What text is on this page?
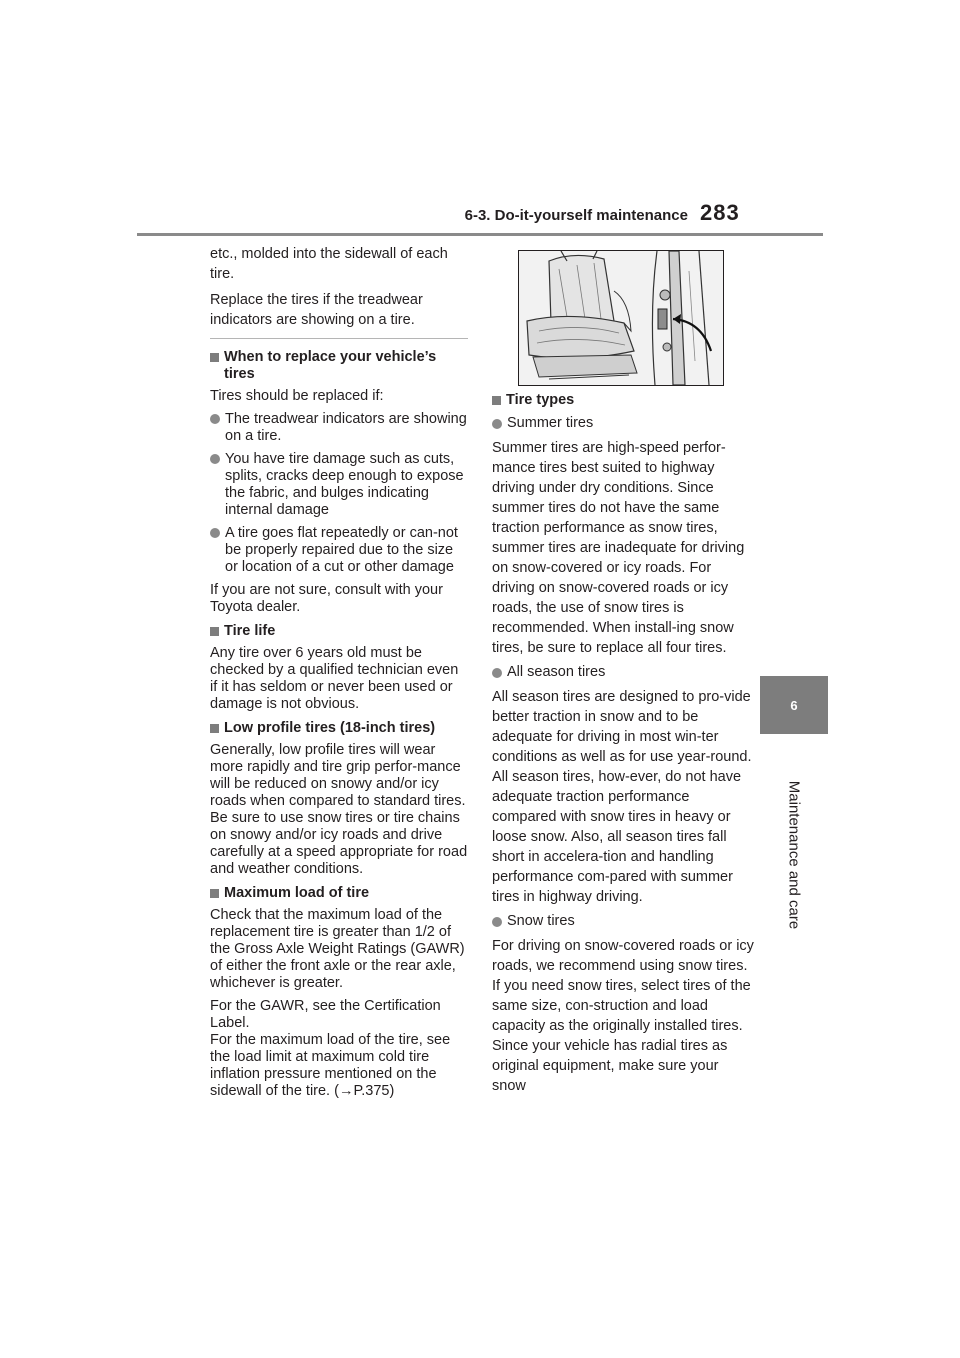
6-3. Do-it-yourself maintenance 283
6
Maintenance and care

etc., molded into the sidewall of each tire.

Replace the tires if the treadwear indicators are showing on a tire.

When to replace your vehicle’s tires

Tires should be replaced if:

The treadwear indicators are showing on a tire.
You have tire damage such as cuts, splits, cracks deep enough to expose the fabric, and bulges indicating internal damage
A tire goes flat repeatedly or can-not be properly repaired due to the size or location of a cut or other damage

If you are not sure, consult with your Toyota dealer.

Tire life

Any tire over 6 years old must be checked by a qualified technician even if it has seldom or never been used or damage is not obvious.

Low profile tires (18-inch tires)

Generally, low profile tires will wear more rapidly and tire grip perfor-mance will be reduced on snowy and/or icy roads when compared to standard tires. Be sure to use snow tires or tire chains on snowy and/or icy roads and drive carefully at a speed appropriate for road and weather conditions.

Maximum load of tire

Check that the maximum load of the replacement tire is greater than 1/2 of the Gross Axle Weight Ratings (GAWR) of either the front axle or the rear axle, whichever is greater.

For the GAWR, see the Certification Label.

For the maximum load of the tire, see the load limit at maximum cold tire inflation pressure mentioned on the sidewall of the tire. (→P.375)

Tire types
Summer tires

Summer tires are high-speed perfor-mance tires best suited to highway driving under dry conditions. Since summer tires do not have the same traction performance as snow tires, summer tires are inadequate for driving on snow-covered or icy roads. For driving on snow-covered roads or icy roads, the use of snow tires is recommended. When install-ing snow tires, be sure to replace all four tires.

All season tires

All season tires are designed to pro-vide better traction in snow and to be adequate for driving in most win-ter conditions as well as for use year-round. All season tires, how-ever, do not have adequate traction performance compared with snow tires in heavy or loose snow. Also, all season tires fall short in accelera-tion and handling performance com-pared with summer tires in highway driving.

Snow tires

For driving on snow-covered roads or icy roads, we recommend using snow tires. If you need snow tires, select tires of the same size, con-struction and load capacity as the originally installed tires. Since your vehicle has radial tires as original equipment, make sure your snow
